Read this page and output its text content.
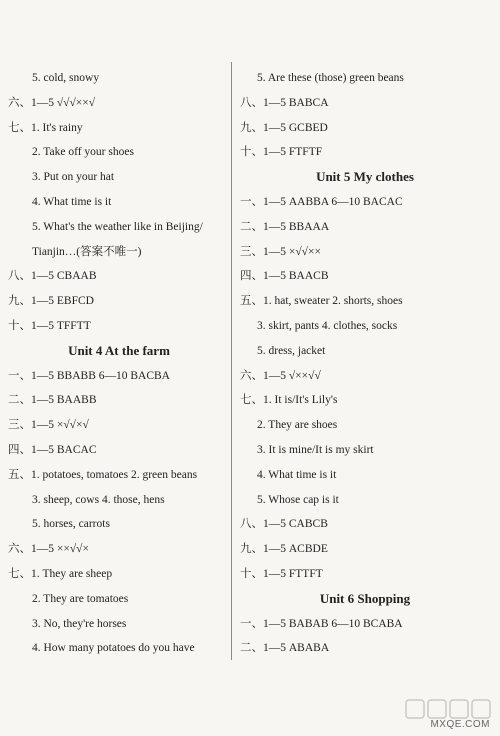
5. cold, snowy
六、1—5 √√√××√
七、1. It's rainy
2. Take off your shoes
3. Put on your hat
4. What time is it
5. What's the weather like in Beijing/
Tianjin…(答案不唯一)
八、1—5 CBAAB
九、1—5 EBFCD
十、1—5 TFFTT
Unit 4 At the farm
一、1—5 BBABB 6—10 BACBA
二、1—5 BAABB
三、1—5 ×√√×√
四、1—5 BACAC
五、1. potatoes, tomatoes 2. green beans
3. sheep, cows 4. those, hens
5. horses, carrots
六、1—5 ××√√×
七、1. They are sheep
2. They are tomatoes
3. No, they're horses
4. How many potatoes do you have
5. Are these (those) green beans
八、1—5 BABCA
九、1—5 GCBED
十、1—5 FTFTF
Unit 5 My clothes
一、1—5 AABBA 6—10 BACAC
二、1—5 BBAAA
三、1—5 ×√√××
四、1—5 BAACB
五、1. hat, sweater 2. shorts, shoes
3. skirt, pants 4. clothes, socks
5. dress, jacket
六、1—5 √××√√
七、1. It is/It's Lily's
2. They are shoes
3. It is mine/It is my skirt
4. What time is it
5. Whose cap is it
八、1—5 CABCB
九、1—5 ACBDE
十、1—5 FTTFT
Unit 6 Shopping
一、1—5 BABAB 6—10 BCABA
二、1—5 ABABA
MXQE.COM
